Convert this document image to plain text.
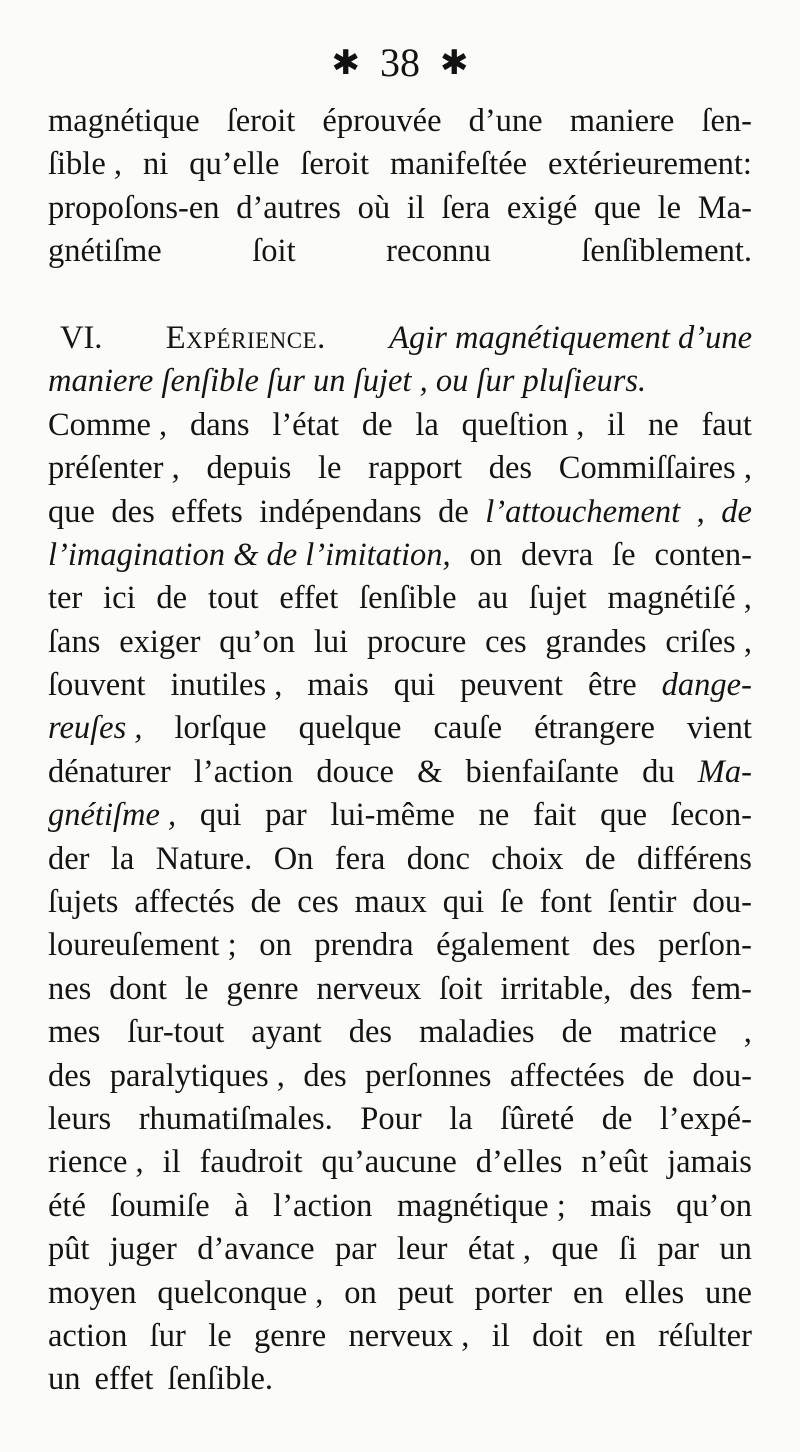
✱ 38 ✱
magnétique ſeroit éprouvée d’une maniere ſen-
ſible , ni qu’elle ſeroit manifeſtée extérieurement:
propoſons-en d’autres où il ſera exigé que le Ma-
gnétiſme	ſoit	reconnu	ſenſiblement.
VI. Expérience. Agir magnétiquement d’une
maniere ſenſible ſur un ſujet , ou ſur pluſieurs.
Comme , dans l’état de la queſtion , il ne faut
préſenter , depuis le rapport des Commiſſaires ,
que des effets indépendans de l’attouchement , de
l’imagination & de l’imitation, on devra ſe conten-
ter ici de tout effet ſenſible au ſujet magnétiſé ,
ſans exiger qu’on lui procure ces grandes criſes ,
ſouvent inutiles , mais qui peuvent être dange-
reuſes , lorſque quelque cauſe étrangere vient
dénaturer l’action douce & bienfaiſante du Ma-
gnétiſme , qui par lui-même ne fait que ſecon-
der la Nature. On fera donc choix de différens
ſujets affectés de ces maux qui ſe font ſentir dou-
loureuſement ; on prendra également des perſon-
nes dont le genre nerveux ſoit irritable, des fem-
mes ſur-tout ayant des maladies de matrice ,
des paralytiques , des perſonnes affectées de dou-
leurs rhumatiſmales. Pour la ſûreté de l’expé-
rience , il faudroit qu’aucune d’elles n’eût jamais
été ſoumiſe à l’action magnétique ; mais qu’on
pût juger d’avance par leur état , que ſi par un
moyen quelconque , on peut porter en elles une
action ſur le genre nerveux , il doit en réſulter
un effet ſenſible.
